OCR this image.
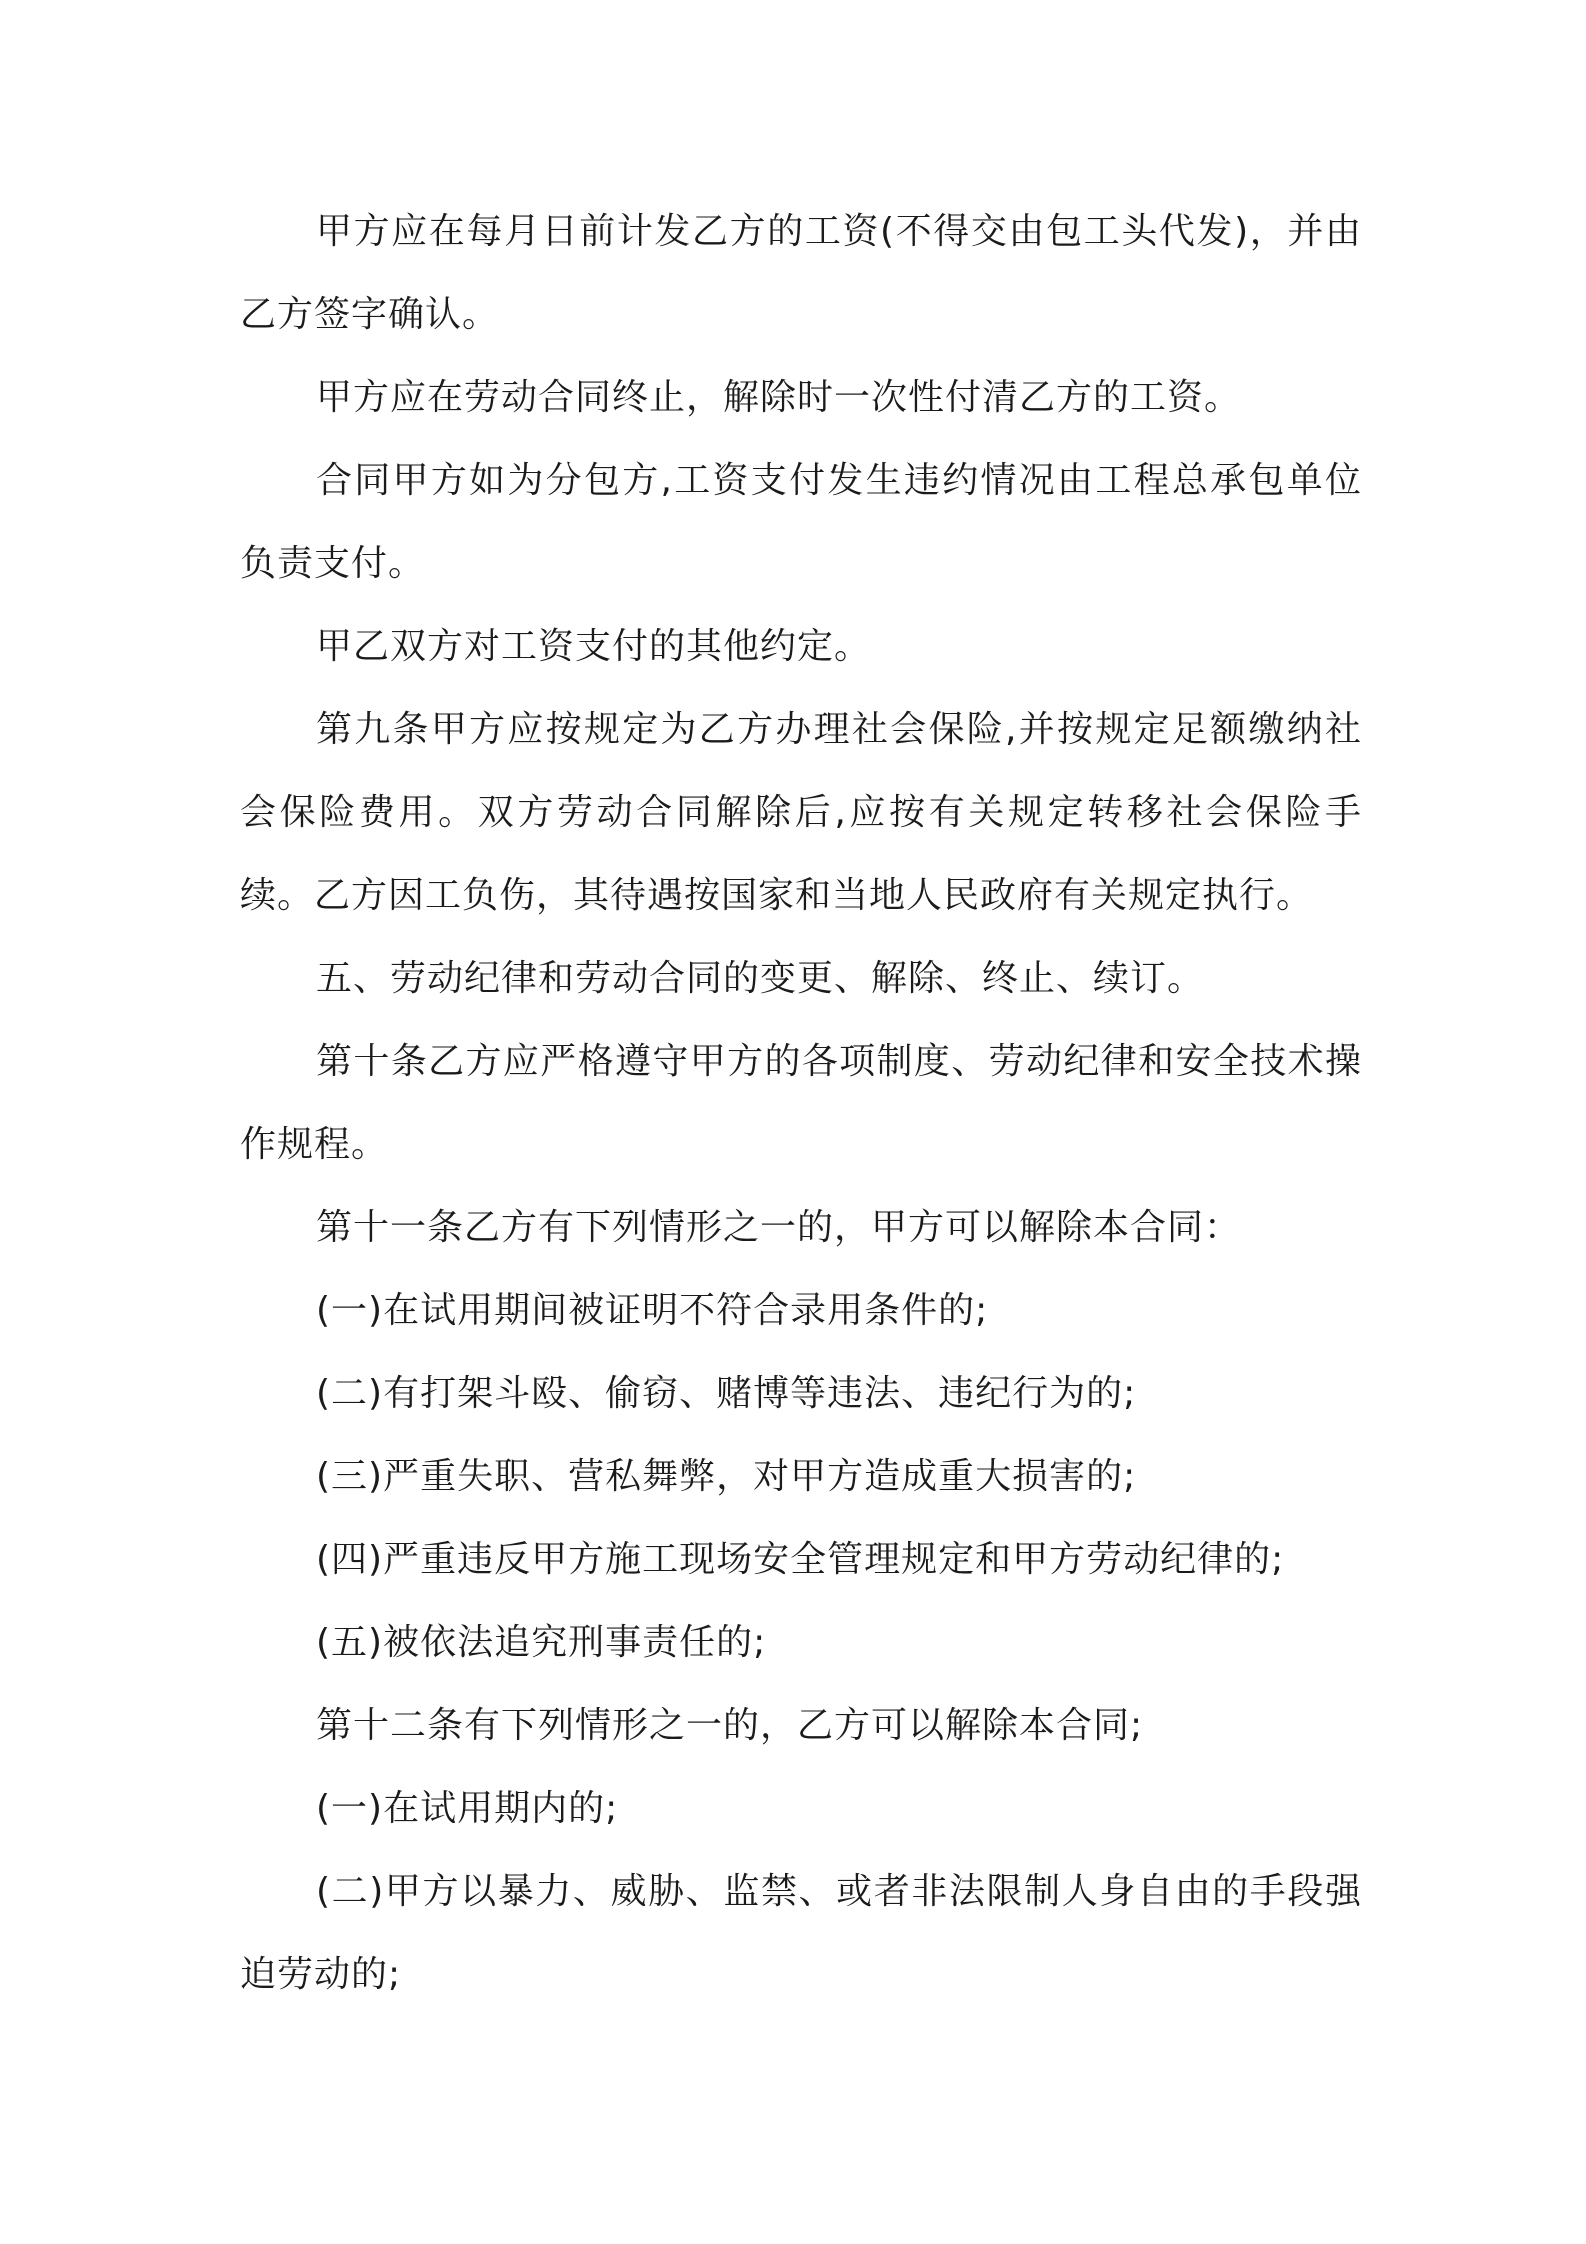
甲方应在每月日前计发乙方的工资(不得交由包工头代发)，并由乙方签字确认。

甲方应在劳动合同终止，解除时一次性付清乙方的工资。

合同甲方如为分包方,工资支付发生违约情况由工程总承包单位负责支付。

甲乙双方对工资支付的其他约定。

第九条甲方应按规定为乙方办理社会保险,并按规定足额缴纳社会保险费用。双方劳动合同解除后,应按有关规定转移社会保险手续。乙方因工负伤，其待遇按国家和当地人民政府有关规定执行。

五、劳动纪律和劳动合同的变更、解除、终止、续订。

第十条乙方应严格遵守甲方的各项制度、劳动纪律和安全技术操作规程。

第十一条乙方有下列情形之一的，甲方可以解除本合同：

(一)在试用期间被证明不符合录用条件的;

(二)有打架斗殴、偷窃、赌博等违法、违纪行为的;

(三)严重失职、营私舞弊，对甲方造成重大损害的;

(四)严重违反甲方施工现场安全管理规定和甲方劳动纪律的;

(五)被依法追究刑事责任的;

第十二条有下列情形之一的，乙方可以解除本合同;

(一)在试用期内的;

(二)甲方以暴力、威胁、监禁、或者非法限制人身自由的手段强迫劳动的;
